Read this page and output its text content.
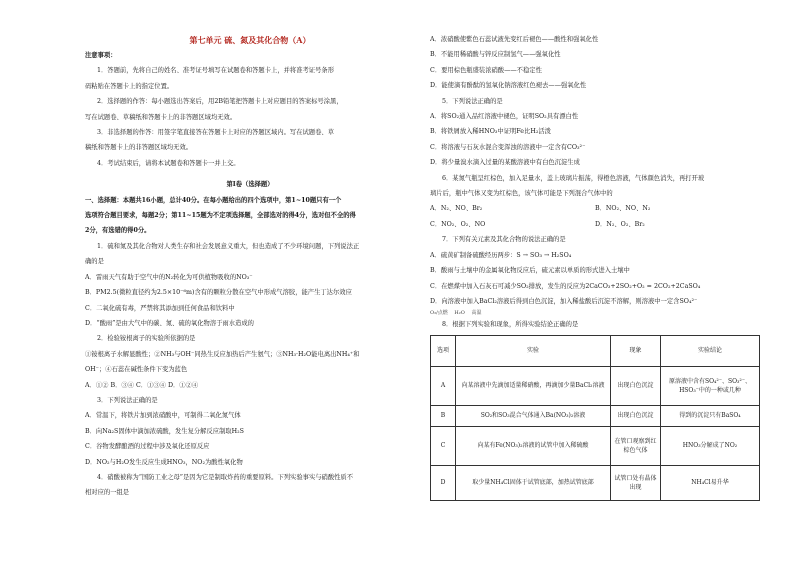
第七单元 硫、氮及其化合物（A）
注意事项：
1．答题前，先将自己的姓名、准考证号填写在试题卷和答题卡上，并将准考证号条形
码粘贴在答题卡上的指定位置。
2．选择题的作答：每小题选出答案后，用2B铅笔把答题卡上对应题目的答案标号涂黑，
写在试题卷、草稿纸和答题卡上的非答题区域均无效。
3．非选择题的作答：用签字笔直接答在答题卡上对应的答题区域内。写在试题卷、草
稿纸和答题卡上的非答题区域均无效。
4．考试结束后，请将本试题卷和答题卡一并上交。
第Ⅰ卷（选择题）
一、选择题：本题共16小题，总计40分。在每小题给出的四个选项中，第1~10题只有一个
选项符合题目要求，每题2分；第11~15题为不定项选择题，全部选对的得4分，选对但不全的得
2分，有选错的得0分。
1．硫和氮及其化合物对人类生存和社会发展意义重大，但也造成了不少环境问题，下列说法正
确的是
A．雷雨天气有助于空气中的N₂转化为可供植物吸收的NO₃⁻
B．PM2.5(微粒直径约为2.5×10⁻⁶m)含有的颗粒分散在空气中形成气溶胶，能产生丁达尔效应
C．二氧化硫有毒，严禁将其添加到任何食品和饮料中
D．“酸雨”是由大气中的碳、氮、硫的氧化物溶于雨水造成的
2．检验铵根离子的实验所依据的是
①铵根离子水解显酸性；②NH₃与OH⁻同热生反应加热后产生氨气；③NH₃·H₂O能电离出NH₄⁺和
OH⁻；④石蕊在碱性条件下变为蓝色
A．①② B．③④ C．①③④ D．①②④
3．下列说法正确的是
A．常温下，将铁片加到浓硝酸中，可制得二氧化氮气体
B．向Na₂S固体中滴加浓硫酸，发生复分解反应制取H₂S
C．谷物发酵酿酒的过程中涉及氧化还原反应
D．NO₂与H₂O发生反应生成HNO₃，NO₂为酸性氧化物
4．硝酸被称为“国防工业之母”是因为它是制取炸药的重要原料。下列实验事实与硝酸性质不
相对应的一组是
A．浓硝酸使紫色石蕊试液先变红后褪色——酸性和强氧化性
B．不能用稀硝酸与锌反应制氢气——强氧化性
C．要用棕色瓶盛装浓硝酸——不稳定性
D．能使滴有酚酞的氢氧化钠溶液红色褪去——强氧化性
5．下列说法正确的是
A．将SO₂通入品红溶液中褪色，证明SO₂具有漂白性
B．将铁屑放入稀HNO₃中证明Fe比H₂活泼
C．将溶液与石灰水混合变浑浊的溶液中一定含有CO₃²⁻
D．将少量溴水滴入过量的某酸溶液中有白色沉淀生成
6．某氮气瓶呈红棕色，加入足量水，盖上玻璃片振荡，得橙色溶液，气体颜色消失，再打开玻
璃片后，瓶中气体又变为红棕色，该气体可能是下列混合气体中的
A．N₂、NO、Br₂	B．NO₂、NO、N₂
C．NO₂、O₂、NO	D．N₂、O₂、Br₂
7．下列有关元素及其化合物的说法正确的是
A．硫黄矿制备硫酸经历两步：S → SO₃ → H₂SO₄
B．酸雨与土壤中的金属氧化物反应后，硫元素以单质的形式进入土壤中
C．在燃煤中加入石灰石可减少SO₂排放，发生的反应为2CaCO₃+2SO₂+O₂ = 2CO₂+2CaSO₄
D．向溶液中加入BaCl₂溶液后得到白色沉淀，加入稀盐酸后沉淀不溶解，则溶液中一定含SO₄²⁻
O₂/点燃　 H₂O　 高温
8．根据下列实验和现象，所得实验结论正确的是
选项	实验	现象	实验结论
A	向某溶液中先滴加适量稀硝酸，再滴加少量BaCl₂溶液	出现白色沉淀	原溶液中含有SO₄²⁻、SO₃²⁻、HSO₃⁻中的一种或几种
B	SO₂和SO₃混合气体通入Ba(NO₃)₂溶液	出现白色沉淀	得到的沉淀只有BaSO₄
C	向某有Fe(NO₃)₂溶液的试管中加入稀硫酸	在管口观察到红棕色气体	HNO₃分解成了NO₂
D	取少量NH₄Cl固体于试管底部，加热试管底部	试管口处有晶体出现	NH₄Cl易升华
